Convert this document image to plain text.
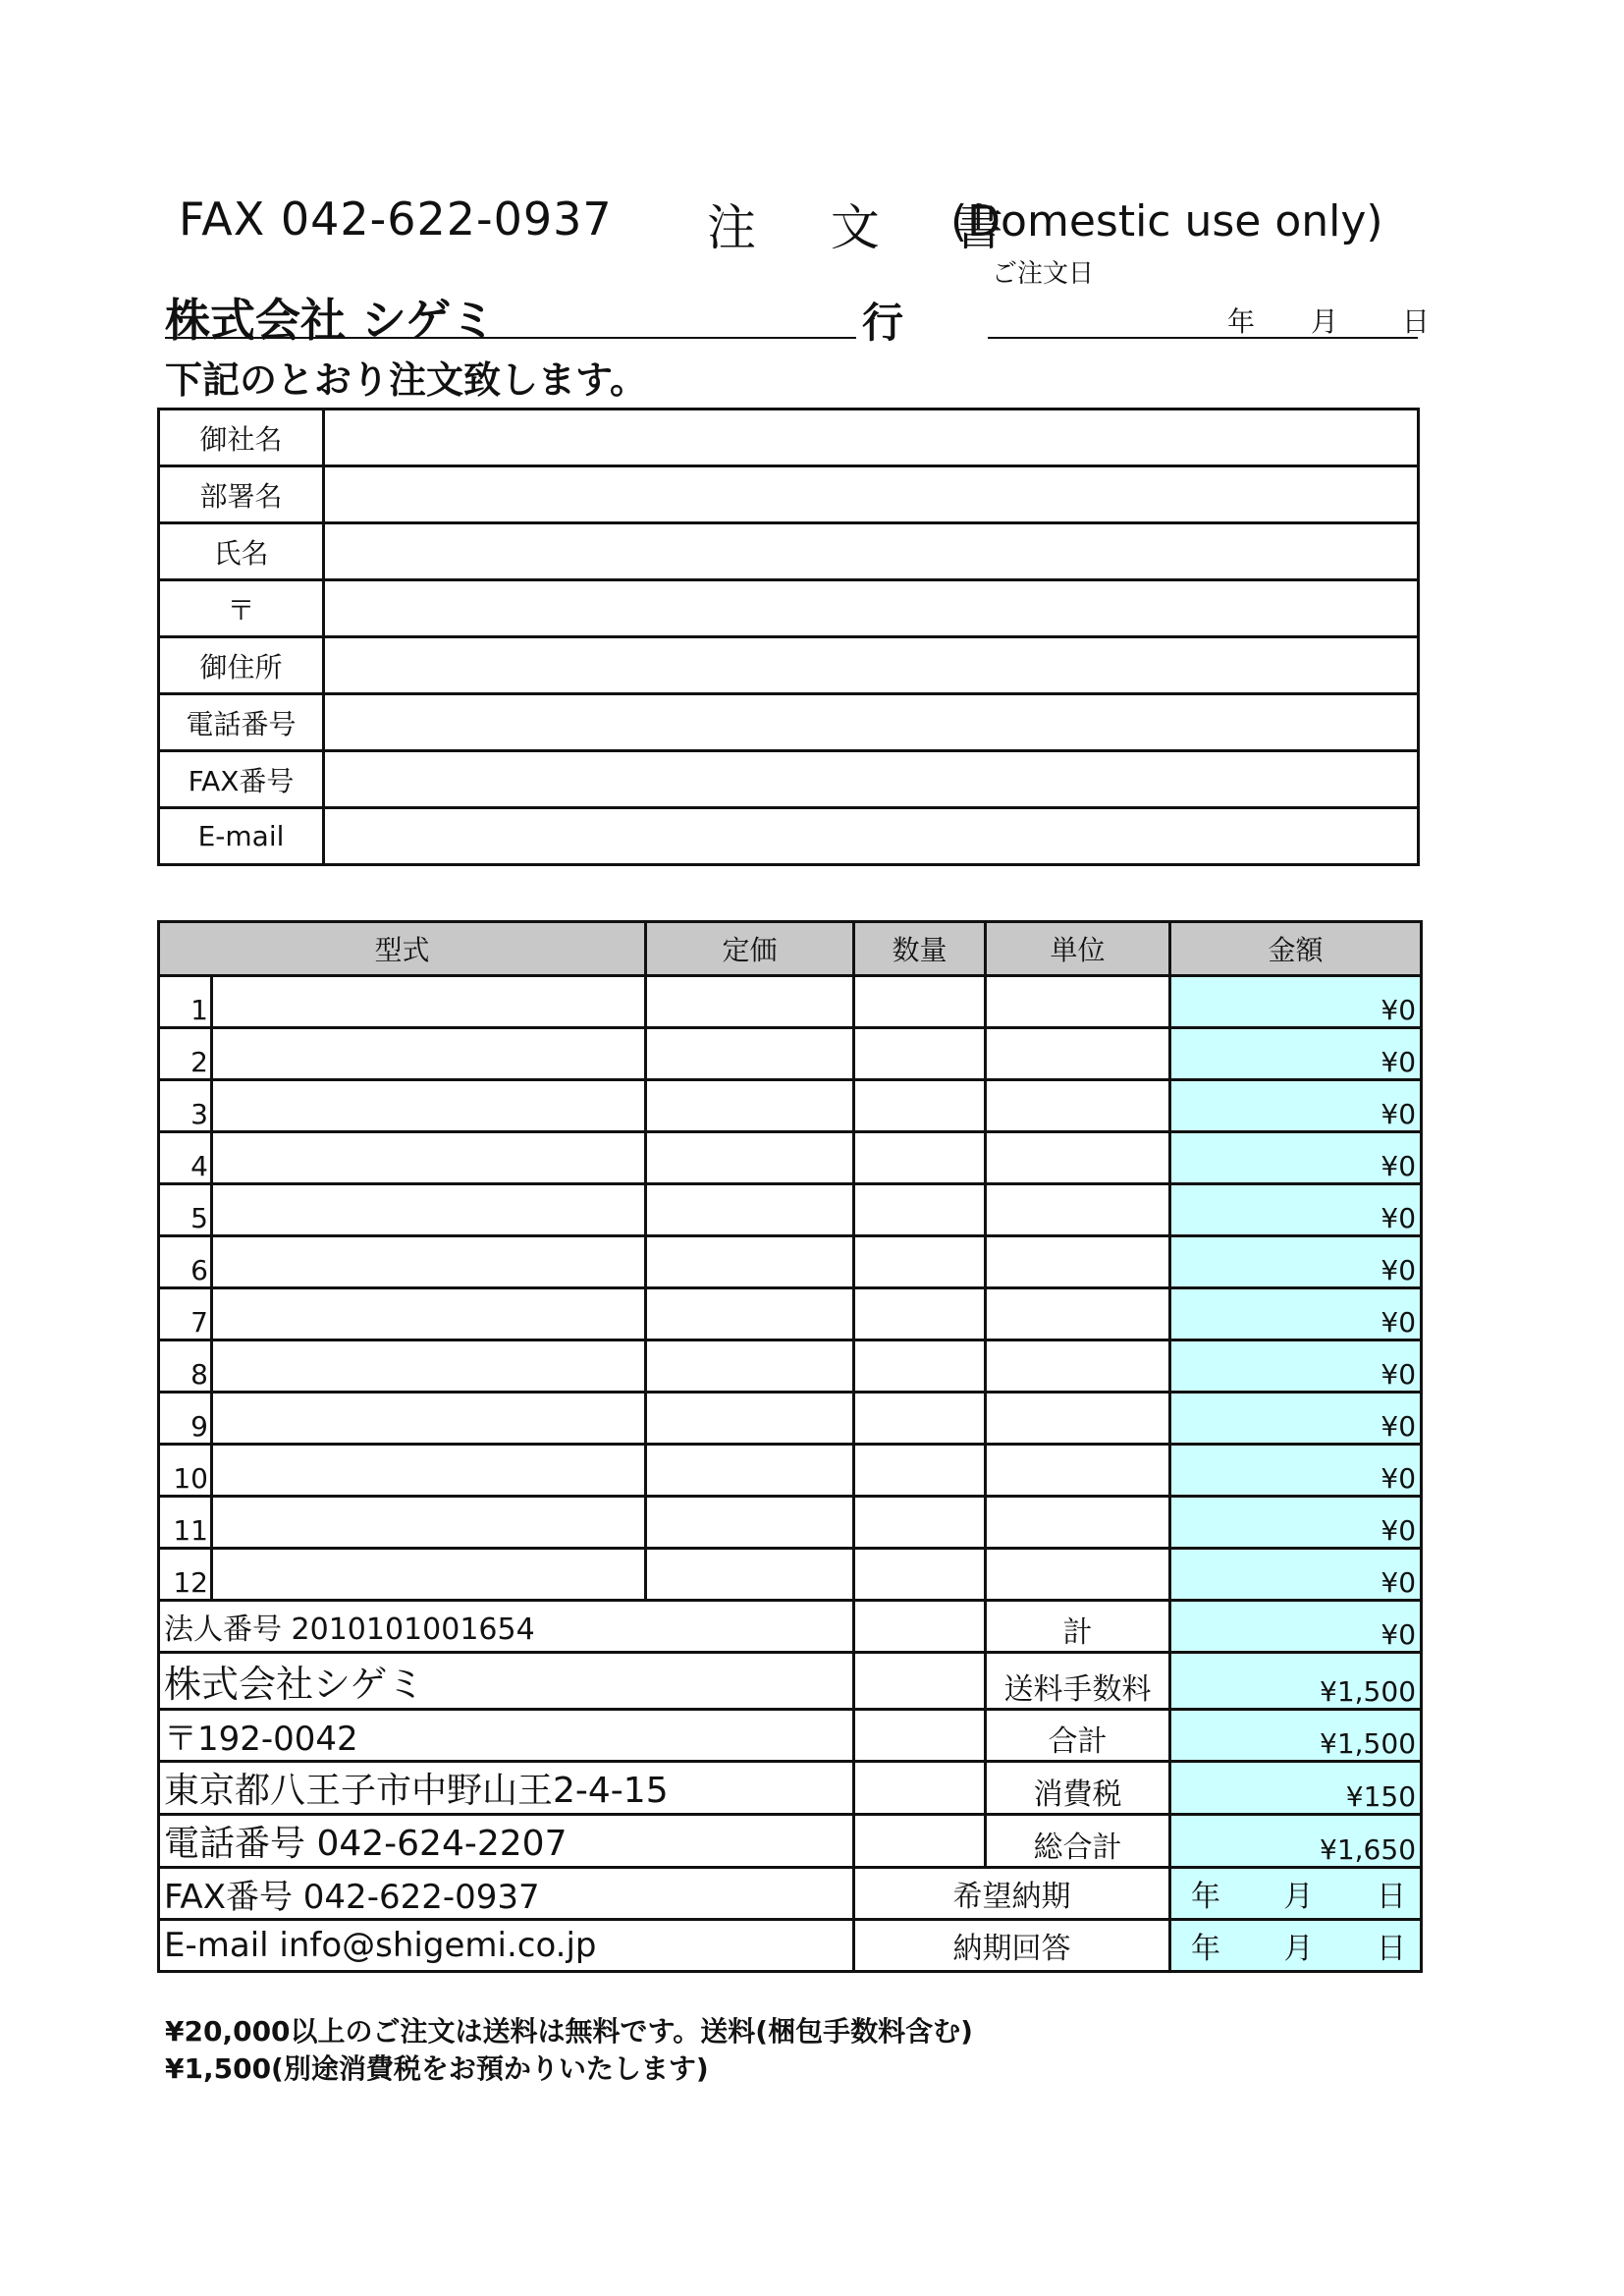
FAX 042-622-0937 注 文 書
(Domestic use only)
ご注文日
株式会社 シゲミ	行	年 月 日
下記のとおり注文致します。
御社名	
部署名	
氏名	
〒	
御住所	
電話番号	
FAX番号	
E-mail	
型式		定価	数量	単位	金額
1					¥0
2					¥0
3					¥0
4					¥0
5					¥0
6					¥0
7					¥0
8					¥0
9					¥0
10					¥0
11					¥0
12					¥0
法人番号 2010101001654				計	¥0
株式会社シゲミ				送料手数料	¥1,500
〒192-0042				合計	¥1,500
東京都八王子市中野山王2-4-15				消費税	¥150
電話番号 042-624-2207				総合計	¥1,650
FAX番号 042-622-0937			希望納期		年 月 日

E-mail info@shigemi.co.jp			納期回答		年 月 日
¥20,000以上のご注文は送料は無料です。送料(梱包手数料含む)¥1,500(別途消費税をお預かりいたします)
